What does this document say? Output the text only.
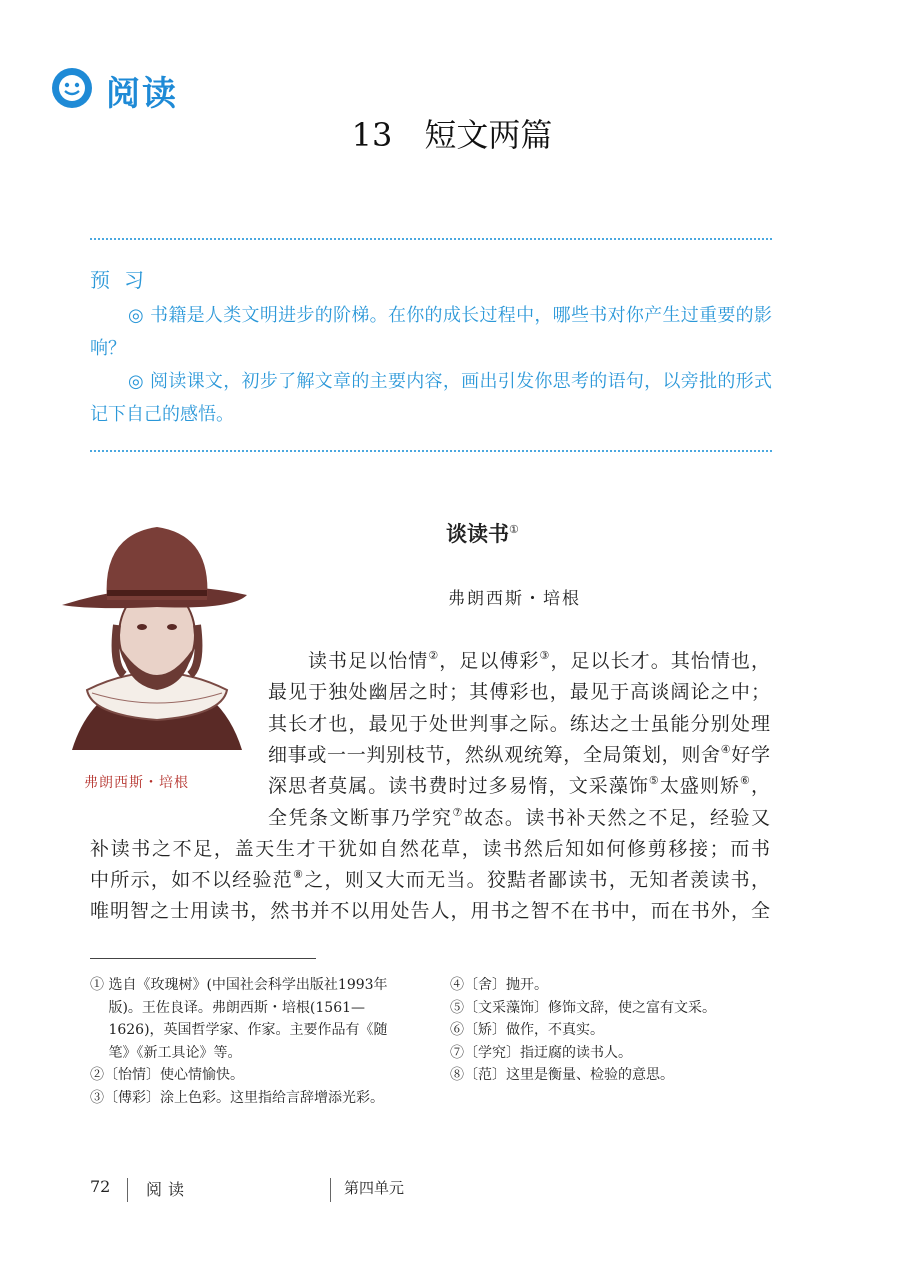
阅读
13　短文两篇
预习

◎ 书籍是人类文明进步的阶梯。在你的成长过程中，哪些书对你产生过重要的影响？

◎ 阅读课文，初步了解文章的主要内容，画出引发你思考的语句，以旁批的形式记下自己的感悟。

弗朗西斯・培根
谈读书①
弗朗西斯・培根
读书足以怡情②，足以傅彩③，足以长才。其怡情也，
最见于独处幽居之时；其傅彩也，最见于高谈阔论之中；
其长才也，最见于处世判事之际。练达之士虽能分别处理
细事或一一判别枝节，然纵观统筹，全局策划，则舍④好学
深思者莫属。读书费时过多易惰，文采藻饰⑤太盛则矫⑥，
全凭条文断事乃学究⑦故态。读书补天然之不足，经验又
补读书之不足，盖天生才干犹如自然花草，读书然后知如何修剪移接；而书
中所示，如不以经验范⑧之，则又大而无当。狡黠者鄙读书，无知者羡读书，
唯明智之士用读书，然书并不以用处告人，用书之智不在书中，而在书外，全
① 选自《玫瑰树》(中国社会科学出版社1993年
　 版)。王佐良译。弗朗西斯・培根(1561—
　 1626)，英国哲学家、作家。主要作品有《随
　 笔》《新工具论》等。
②〔怡情〕使心情愉快。
③〔傅彩〕涂上色彩。这里指给言辞增添光彩。
④〔舍〕抛开。
⑤〔文采藻饰〕修饰文辞，使之富有文采。
⑥〔矫〕做作，不真实。
⑦〔学究〕指迂腐的读书人。
⑧〔范〕这里是衡量、检验的意思。
72 阅读	第四单元
